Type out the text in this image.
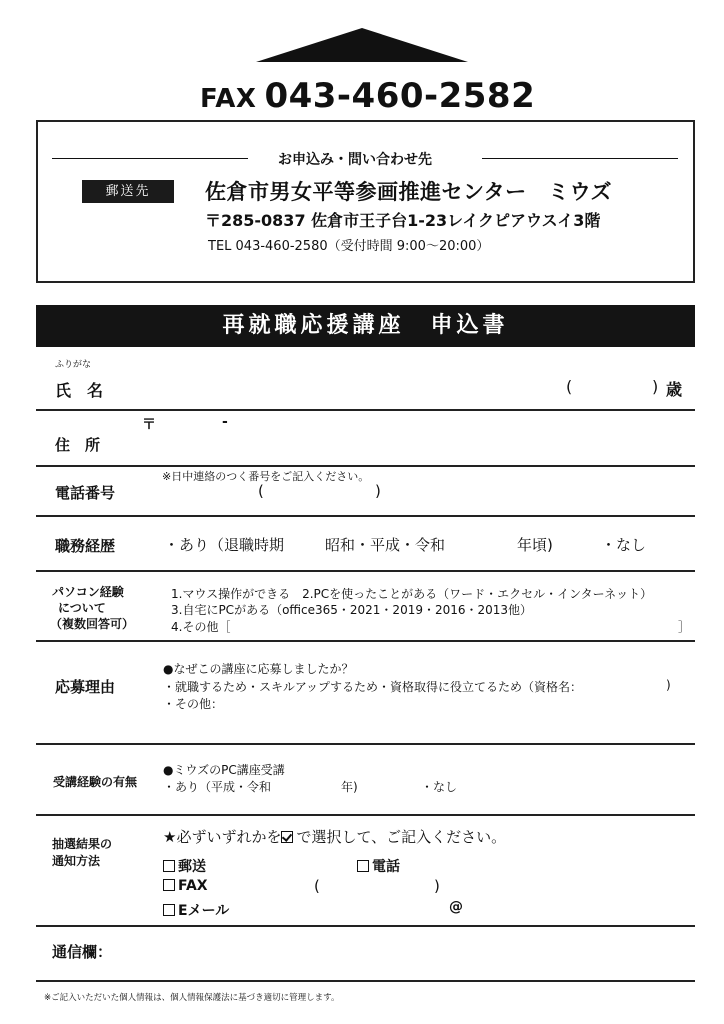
FAX 043-460-2582
お申込み・問い合わせ先
郵送先	佐倉市男女平等参画推進センター　ミウズ
〒285-0837 佐倉市王子台1-23レイクピアウスイ3階
TEL 043-460-2580（受付時間 9:00～20:00）
再就職応援講座　申込書
ふりがな
氏　名	(	) 歳
〒	-
住　所
※日中連絡のつく番号をご記入ください。
電話番号	(	)
職務経歴	・あり（退職時期	昭和・平成・令和	年頃)	・なし
パソコン経験
について
（複数回答可）
1.マウス操作ができる　2.PCを使ったことがある（ワード・エクセル・インターネット）
3.自宅にPCがある（office365・2021・2019・2016・2013他）
4.その他［	］
応募理由
●なぜこの講座に応募しましたか？
・就職するため・スキルアップするため・資格取得に役立てるため（資格名：	)
・その他：
受講経験の有無
●ミウズのPC講座受講
・あり（平成・令和	年)	・なし
抽選結果の
通知方法
★必ずいずれかを で選択して、ご記入ください。
郵送	電話
FAX	(	)
Eメール	@
通信欄：
※ご記入いただいた個人情報は、個人情報保護法に基づき適切に管理します。
